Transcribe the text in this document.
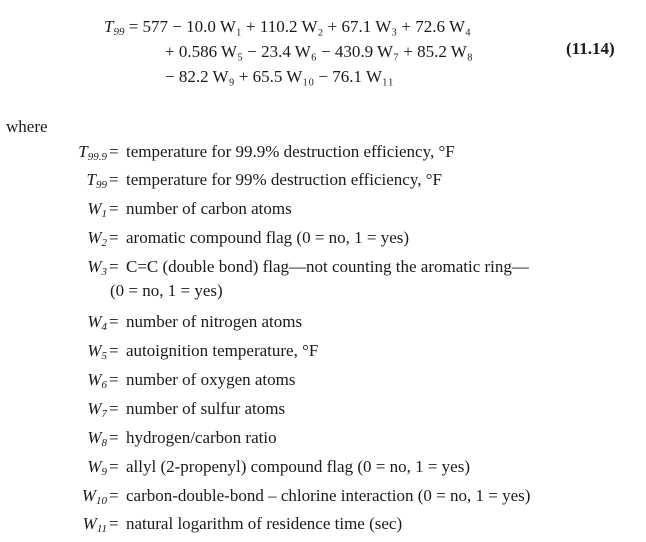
$T_{99} = 577 - 10.0$ W₁ + 110.2 W₂ + 67.1 W₃ + 72.6 W₄
+ 0.586 W₅ − 23.4 W₆ − 430.9 W₇ + 85.2 W₈
− 82.2 W₉ + 65.5 W₁₀ − 76.1 W₁₁
(11.14)
where
$T_{99.9}$ = temperature for 99.9% destruction efficiency, °F
$T_{99}$ = temperature for 99% destruction efficiency, °F
$W_1$ = number of carbon atoms
$W_2$ = aromatic compound flag (0 = no, 1 = yes)
$W_3 = C=C$ (double bond) flag—not counting the aromatic ring—
(0 = no, 1 = yes)
$W_4$ = number of nitrogen atoms
$W_5$ = autoignition temperature, °F
$W_6$ = number of oxygen atoms
$W_7$ = number of sulfur atoms
$W_8$ = hydrogen/carbon ratio
$W_9$ = allyl (2-propenyl) compound flag (0 = no, 1 = yes)
$W_{10}$ = carbon-double-bond – chlorine interaction (0 = no, 1 = yes)
$W_{11}$ = natural logarithm of residence time (sec)
